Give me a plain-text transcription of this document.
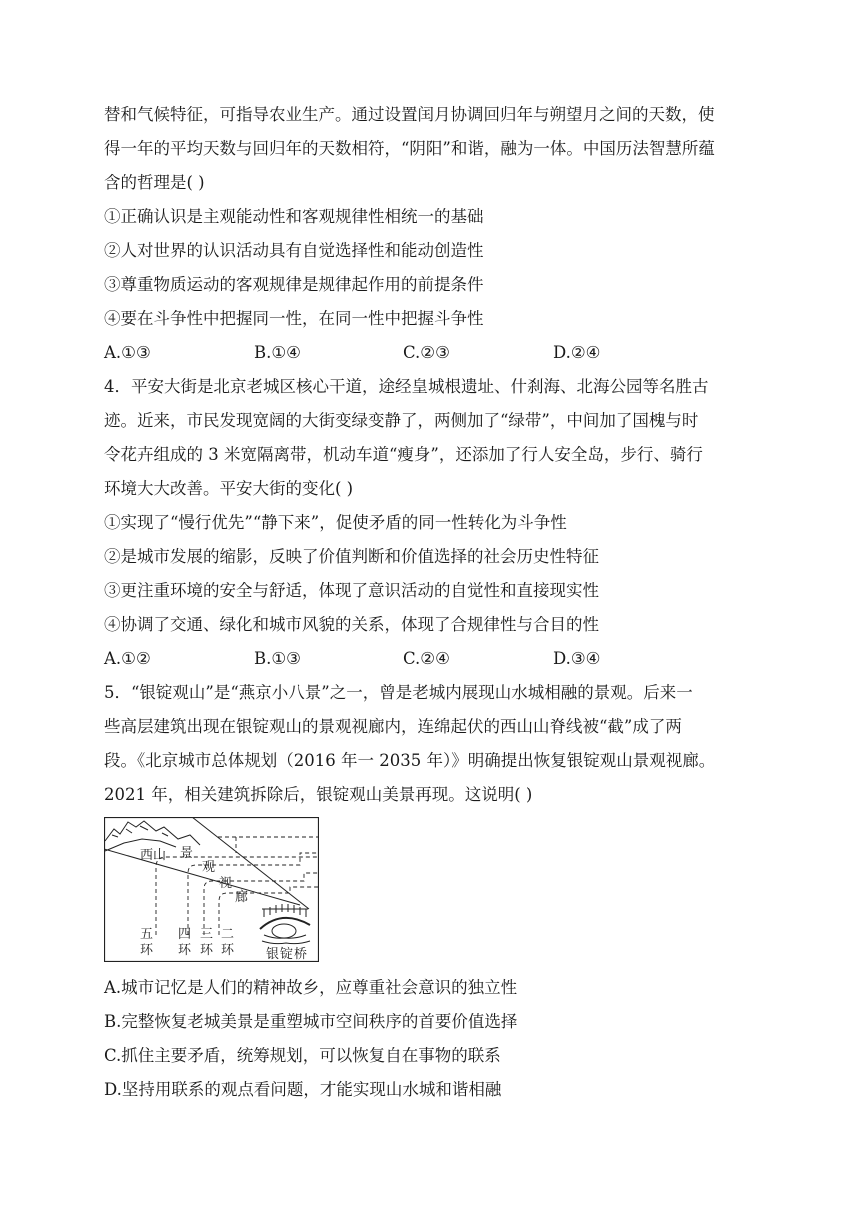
替和气候特征，可指导农业生产。通过设置闰月协调回归年与朔望月之间的天数，使
得一年的平均天数与回归年的天数相符，“阴阳”和谐，融为一体。中国历法智慧所蕴
含的哲理是( )
①正确认识是主观能动性和客观规律性相统一的基础
②人对世界的认识活动具有自觉选择性和能动创造性
③尊重物质运动的客观规律是规律起作用的前提条件
④要在斗争性中把握同一性，在同一性中把握斗争性
A.①③	B.①④	C.②③	D.②④
4．平安大街是北京老城区核心干道，途经皇城根遗址、什刹海、北海公园等名胜古
迹。近来，市民发现宽阔的大街变绿变静了，两侧加了“绿带”，中间加了国槐与时
令花卉组成的 3 米宽隔离带，机动车道“瘦身”，还添加了行人安全岛，步行、骑行
环境大大改善。平安大街的变化( )
①实现了“慢行优先”“静下来”，促使矛盾的同一性转化为斗争性
②是城市发展的缩影，反映了价值判断和价值选择的社会历史性特征
③更注重环境的安全与舒适，体现了意识活动的自觉性和直接现实性
④协调了交通、绿化和城市风貌的关系，体现了合规律性与合目的性
A.①②	B.①③	C.②④	D.③④
5．“银锭观山”是“燕京小八景”之一，曾是老城内展现山水城相融的景观。后来一
些高层建筑出现在银锭观山的景观视廊内，连绵起伏的西山山脊线被“截”成了两
段。《北京城市总体规划（2016 年一 2035 年）》明确提出恢复银锭观山景观视廊。
2021 年，相关建筑拆除后，银锭观山美景再现。这说明( )
西山 景
观
视
廊
五
环
四
环
三
环
二
环 银 锭 桥
A.城市记忆是人们的精神故乡，应尊重社会意识的独立性
B.完整恢复老城美景是重塑城市空间秩序的首要价值选择
C.抓住主要矛盾，统筹规划，可以恢复自在事物的联系
D.坚持用联系的观点看问题，才能实现山水城和谐相融
